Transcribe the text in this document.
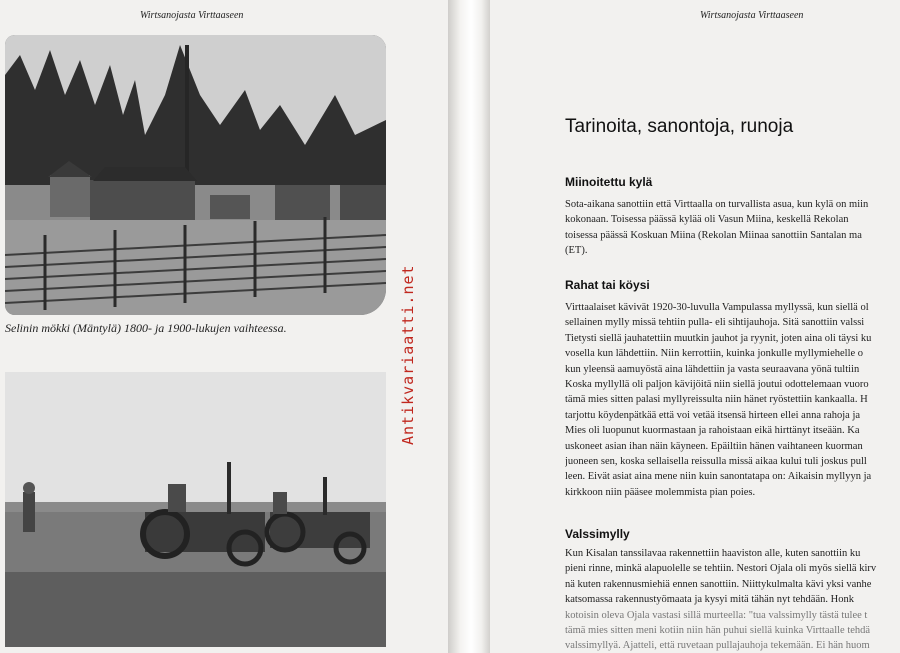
Wirtsanojasta Virttaaseen
Selinin mökki (Mäntylä) 1800- ja 1900-lukujen vaihteessa.	Antikvariaatti.net
Wirtsanojasta Virttaaseen
Tarinoita, sanontoja, runoja
Miinoitettu kylä
Sota-aikana sanottiin että Virttaalla on turvallista asua, kun kylä on miin
kokonaan. Toisessa päässä kylää oli Vasun Miina, keskellä Rekolan
toisessa päässä Koskuan Miina (Rekolan Miinaa sanottiin Santalan ma
(ET).
Rahat tai köysi
Virttaalaiset kävivät 1920-30-luvulla Vampulassa myllyssä, kun siellä ol
sellainen mylly missä tehtiin pulla- eli sihtijauhoja. Sitä sanottiin valssi
Tietysti siellä jauhatettiin muutkin jauhot ja ryynit, joten aina oli täysi ku
vosella kun lähdettiin. Niin kerrottiin, kuinka jonkulle myllymiehelle o
kun yleensä aamuyöstä aina lähdettiin ja vasta seuraavana yönä tultiin
Koska myllyllä oli paljon kävijöitä niin siellä joutui odottelemaan vuoro
tämä mies sitten palasi myllyreissulta niin hänet ryöstettiin kankaalla. H
tarjottu köydenpätkää että voi vetää itsensä hirteen ellei anna rahoja ja
Mies oli luopunut kuormastaan ja rahoistaan eikä hirttänyt itseään. Ka
uskoneet asian ihan näin käyneen. Epäiltiin hänen vaihtaneen kuorman
juoneen sen, koska sellaisella reissulla missä aikaa kului tuli joskus pull
leen. Eivät asiat aina mene niin kuin sanontatapa on: Aikaisin myllyyn ja
kirkkoon niin pääsee molemmista pian poies.
Valssimylly
Kun Kisalan tanssilavaa rakennettiin haaviston alle, kuten sanottiin ku
pieni rinne, minkä alapuolelle se tehtiin. Nestori Ojala oli myös siellä kirv
nä kuten rakennusmiehiä ennen sanottiin. Niittykulmalta kävi yksi vanhe
katsomassa rakennustyömaata ja kysyi mitä tähän nyt tehdään. Honk
kotoisin oleva Ojala vastasi sillä murteella: "tua valssimylly tästä tulee t
tämä mies sitten meni kotiin niin hän puhui siellä kuinka Virttaalle tehdä
valssimyllyä. Ajatteli, että ruvetaan pullajauhoja tekemään. Ei hän huom
